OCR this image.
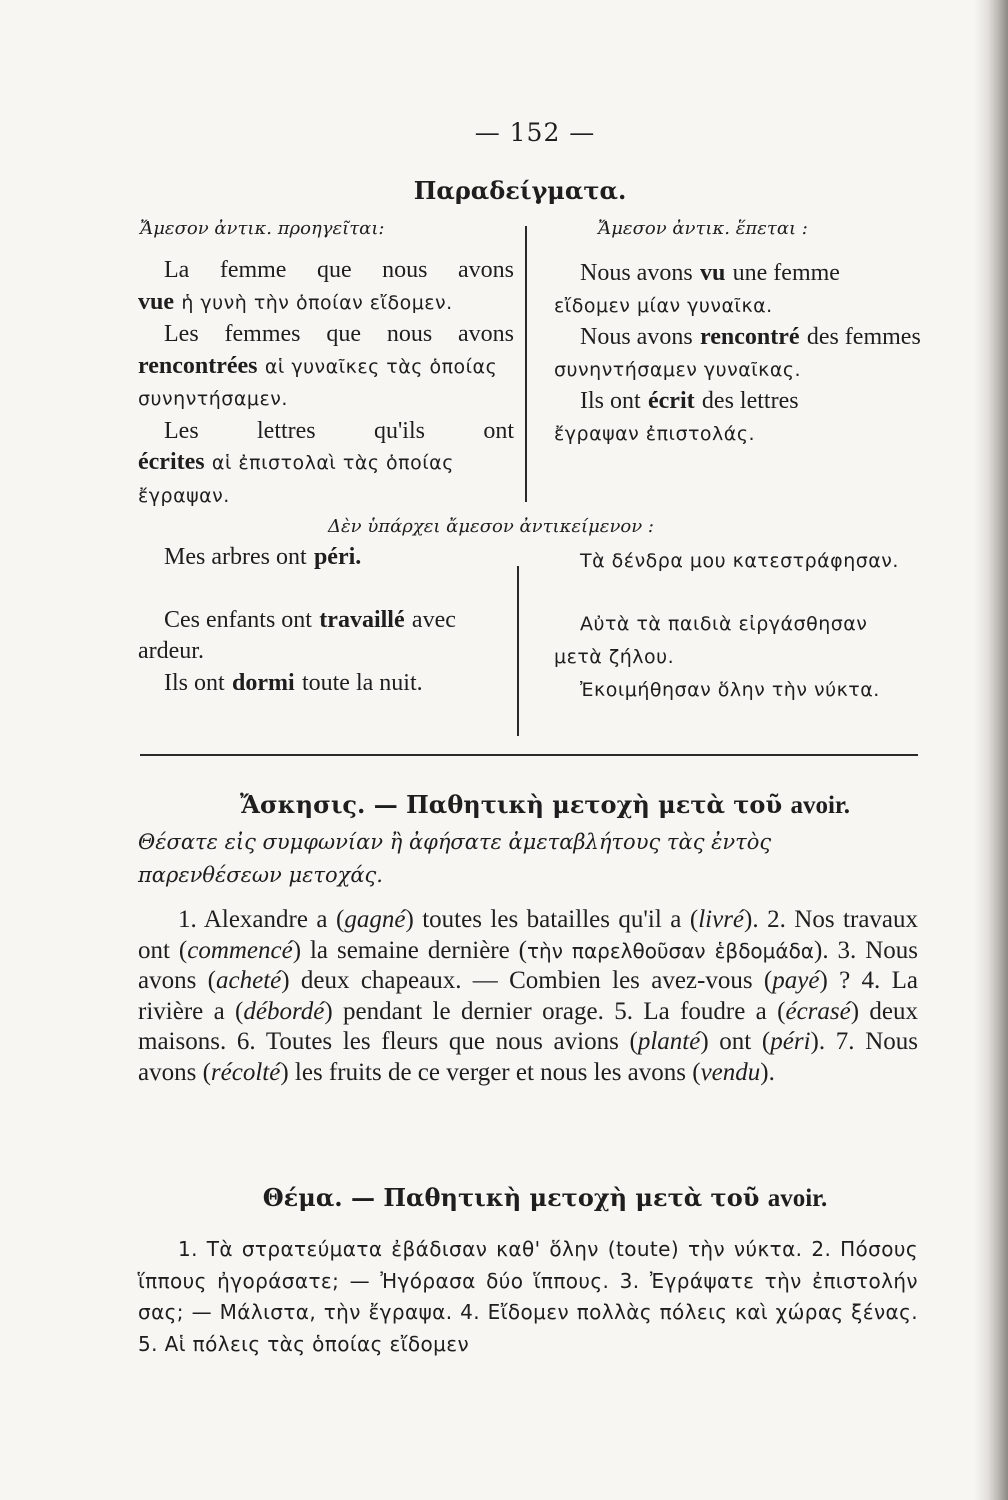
— 152 —
Παραδείγματα.
Ἄμεσον ἀντικ. προηγεῖται:	Ἄμεσον ἀντικ. ἕπεται :

La femme que nous avons

vue ἡ γυνὴ τὴν ὁποίαν εἴδομεν.

Les femmes que nous avons

rencontrées αἱ γυναῖκες τὰς ὁποίας συνηντήσαμεν.

Les lettres qu'ils ont

écrites αἱ ἐπιστολαὶ τὰς ὁποίας ἔγραψαν.

Nous avons vu une femme

εἴδομεν μίαν γυναῖκα.

Nous avons rencontré des femmes

συνηντήσαμεν γυναῖκας.

Ils ont écrit des lettres

ἔγραψαν ἐπιστολάς.

Δὲν ὑπάρχει ἄμεσον ἀντικείμενον :

Mes arbres ont péri.

Ces enfants ont travaillé avec ardeur.

Ils ont dormi toute la nuit.

Τὰ δένδρα μου κατεστράφησαν.

Αὐτὰ τὰ παιδιὰ εἰργάσθησαν μετὰ ζήλου.

Ἐκοιμήθησαν ὅλην τὴν νύκτα.

Ἄσκησις. — Παθητικὴ μετοχὴ μετὰ τοῦ avoir.
Θέσατε εἰς συμφωνίαν ἢ ἀφήσατε ἀμεταβλήτους τὰς ἐντὸς παρενθέσεων μετοχάς.
1. Alexandre a (gagné) toutes les batailles qu'il a (livré). 2. Nos travaux ont (commencé) la semaine dernière (τὴν παρελθοῦσαν ἑβδομάδα). 3. Nous avons (acheté) deux chapeaux. — Combien les avez-vous (payé) ? 4. La rivière a (débordé) pendant le dernier orage. 5. La foudre a (écrasé) deux maisons. 6. Toutes les fleurs que nous avions (planté) ont (péri). 7. Nous avons (récolté) les fruits de ce verger et nous les avons (vendu).
Θέμα. — Παθητικὴ μετοχὴ μετὰ τοῦ avoir.
1. Τὰ στρατεύματα ἐβάδισαν καθ' ὅλην (toute) τὴν νύκτα. 2. Πόσους ἵππους ἠγοράσατε; — Ἠγόρασα δύο ἵππους. 3. Ἐγράψατε τὴν ἐπιστολήν σας; — Μάλιστα, τὴν ἔγραψα. 4. Εἴδομεν πολλὰς πόλεις καὶ χώρας ξένας. 5. Αἱ πόλεις τὰς ὁποίας εἴδομεν
